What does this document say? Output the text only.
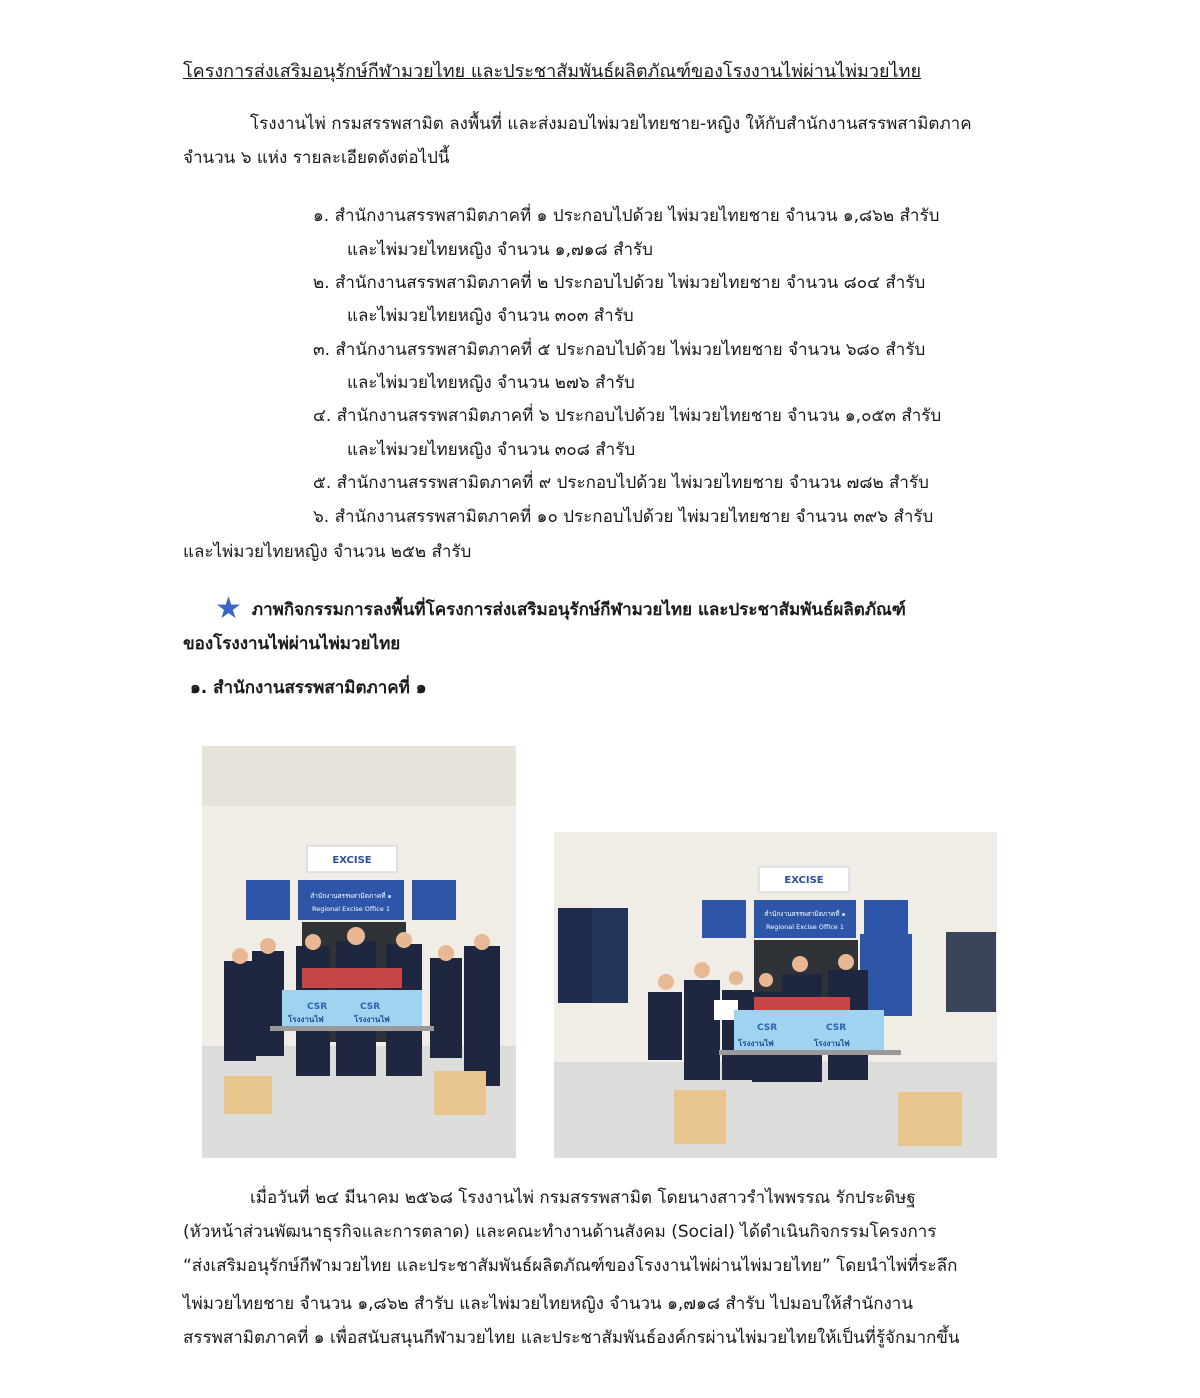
โครงการส่งเสริมอนุรักษ์กีฬามวยไทย และประชาสัมพันธ์ผลิตภัณฑ์ของโรงงานไพ่ผ่านไพ่มวยไทย
โรงงานไพ่ กรมสรรพสามิต ลงพื้นที่ และส่งมอบไพ่มวยไทยชาย-หญิง ให้กับสำนักงานสรรพสามิตภาค
จำนวน ๖ แห่ง รายละเอียดดังต่อไปนี้
๑. สำนักงานสรรพสามิตภาคที่ ๑ ประกอบไปด้วย ไพ่มวยไทยชาย จำนวน ๑,๘๖๒ สำรับ
และไพ่มวยไทยหญิง จำนวน ๑,๗๑๘ สำรับ
๒. สำนักงานสรรพสามิตภาคที่ ๒ ประกอบไปด้วย ไพ่มวยไทยชาย จำนวน ๘๐๔ สำรับ
และไพ่มวยไทยหญิง จำนวน ๓๐๓ สำรับ
๓. สำนักงานสรรพสามิตภาคที่ ๕ ประกอบไปด้วย ไพ่มวยไทยชาย จำนวน ๖๘๐ สำรับ
และไพ่มวยไทยหญิง จำนวน ๒๗๖ สำรับ
๔. สำนักงานสรรพสามิตภาคที่ ๖ ประกอบไปด้วย ไพ่มวยไทยชาย จำนวน ๑,๐๕๓ สำรับ
และไพ่มวยไทยหญิง จำนวน ๓๐๘ สำรับ
๕. สำนักงานสรรพสามิตภาคที่ ๙ ประกอบไปด้วย ไพ่มวยไทยชาย จำนวน ๗๘๒ สำรับ
๖. สำนักงานสรรพสามิตภาคที่ ๑๐ ประกอบไปด้วย ไพ่มวยไทยชาย จำนวน ๓๙๖ สำรับ
และไพ่มวยไทยหญิง จำนวน ๒๕๒ สำรับ
★ ภาพกิจกรรมการลงพื้นที่โครงการส่งเสริมอนุรักษ์กีฬามวยไทย และประชาสัมพันธ์ผลิตภัณฑ์
ของโรงงานไพ่ผ่านไพ่มวยไทย
๑. สำนักงานสรรพสามิตภาคที่ ๑
EXCISE
สำนักงานสรรพสามิตภาคที่ ๑
Regional Excise Office 1
CSR	CSR
โรงงานไพ่	โรงงานไพ่
EXCISE
สำนักงานสรรพสามิตภาคที่ ๑
Regional Excise Office 1
CSR	CSR
โรงงานไพ่	โรงงานไพ่
เมื่อวันที่ ๒๔ มีนาคม ๒๕๖๘ โรงงานไพ่ กรมสรรพสามิต โดยนางสาวรำไพพรรณ รักประดิษฐ
(หัวหน้าส่วนพัฒนาธุรกิจและการตลาด) และคณะทำงานด้านสังคม (Social) ได้ดำเนินกิจกรรมโครงการ
“ส่งเสริมอนุรักษ์กีฬามวยไทย และประชาสัมพันธ์ผลิตภัณฑ์ของโรงงานไพ่ผ่านไพ่มวยไทย” โดยนำไพ่ที่ระลึก
ไพ่มวยไทยชาย จำนวน ๑,๘๖๒ สำรับ และไพ่มวยไทยหญิง จำนวน ๑,๗๑๘ สำรับ ไปมอบให้สำนักงาน
สรรพสามิตภาคที่ ๑ เพื่อสนับสนุนกีฬามวยไทย และประชาสัมพันธ์องค์กรผ่านไพ่มวยไทยให้เป็นที่รู้จักมากขึ้น
